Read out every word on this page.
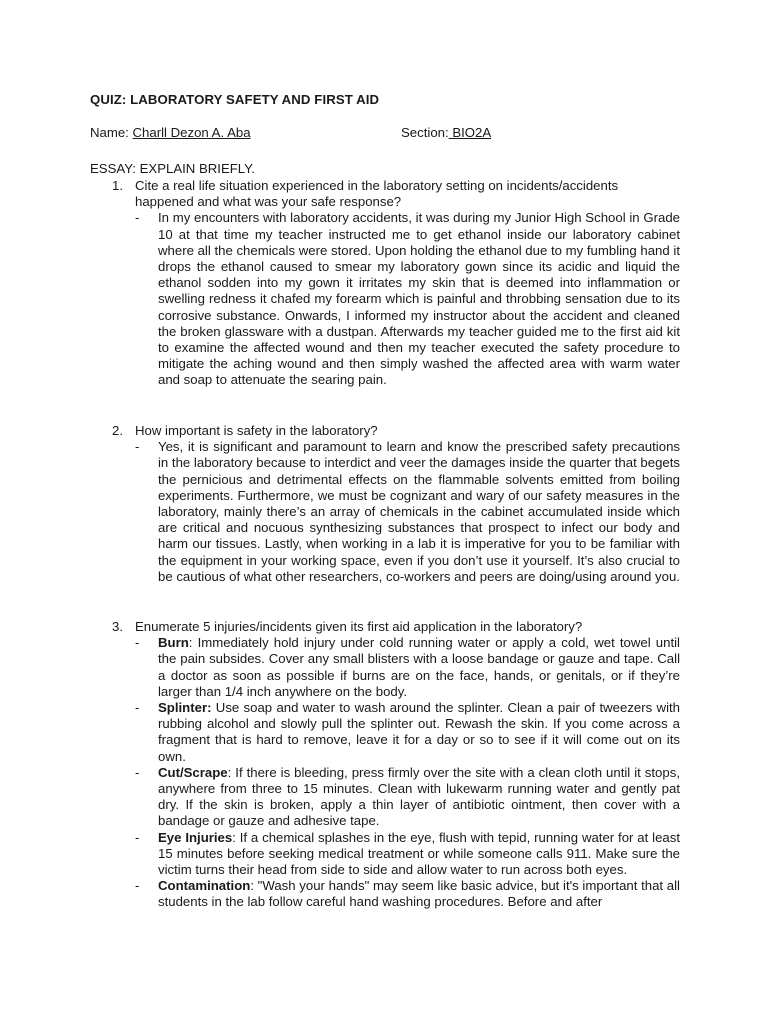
QUIZ: LABORATORY SAFETY AND FIRST AID
Name: Charll Dezon A. Aba	Section: BIO2A
ESSAY: EXPLAIN BRIEFLY.
1. Cite a real life situation experienced in the laboratory setting on incidents/accidents happened and what was your safe response?
- In my encounters with laboratory accidents, it was during my Junior High School in Grade 10 at that time my teacher instructed me to get ethanol inside our laboratory cabinet where all the chemicals were stored. Upon holding the ethanol due to my fumbling hand it drops the ethanol caused to smear my laboratory gown since its acidic and liquid the ethanol sodden into my gown it irritates my skin that is deemed into inflammation or swelling redness it chafed my forearm which is painful and throbbing sensation due to its corrosive substance. Onwards, I informed my instructor about the accident and cleaned the broken glassware with a dustpan. Afterwards my teacher guided me to the first aid kit to examine the affected wound and then my teacher executed the safety procedure to mitigate the aching wound and then simply washed the affected area with warm water and soap to attenuate the searing pain.
2. How important is safety in the laboratory?
- Yes, it is significant and paramount to learn and know the prescribed safety precautions in the laboratory because to interdict and veer the damages inside the quarter that begets the pernicious and detrimental effects on the flammable solvents emitted from boiling experiments. Furthermore, we must be cognizant and wary of our safety measures in the laboratory, mainly there’s an array of chemicals in the cabinet accumulated inside which are critical and nocuous synthesizing substances that prospect to infect our body and harm our tissues. Lastly, when working in a lab it is imperative for you to be familiar with the equipment in your working space, even if you don’t use it yourself. It’s also crucial to be cautious of what other researchers, co-workers and peers are doing/using around you.
3. Enumerate 5 injuries/incidents given its first aid application in the laboratory?
- Burn: Immediately hold injury under cold running water or apply a cold, wet towel until the pain subsides. Cover any small blisters with a loose bandage or gauze and tape. Call a doctor as soon as possible if burns are on the face, hands, or genitals, or if they’re larger than 1/4 inch anywhere on the body.
- Splinter: Use soap and water to wash around the splinter. Clean a pair of tweezers with rubbing alcohol and slowly pull the splinter out. Rewash the skin. If you come across a fragment that is hard to remove, leave it for a day or so to see if it will come out on its own.
- Cut/Scrape: If there is bleeding, press firmly over the site with a clean cloth until it stops, anywhere from three to 15 minutes. Clean with lukewarm running water and gently pat dry. If the skin is broken, apply a thin layer of antibiotic ointment, then cover with a bandage or gauze and adhesive tape.
- Eye Injuries: If a chemical splashes in the eye, flush with tepid, running water for at least 15 minutes before seeking medical treatment or while someone calls 911. Make sure the victim turns their head from side to side and allow water to run across both eyes.
- Contamination: "Wash your hands" may seem like basic advice, but it's important that all students in the lab follow careful hand washing procedures. Before and after
